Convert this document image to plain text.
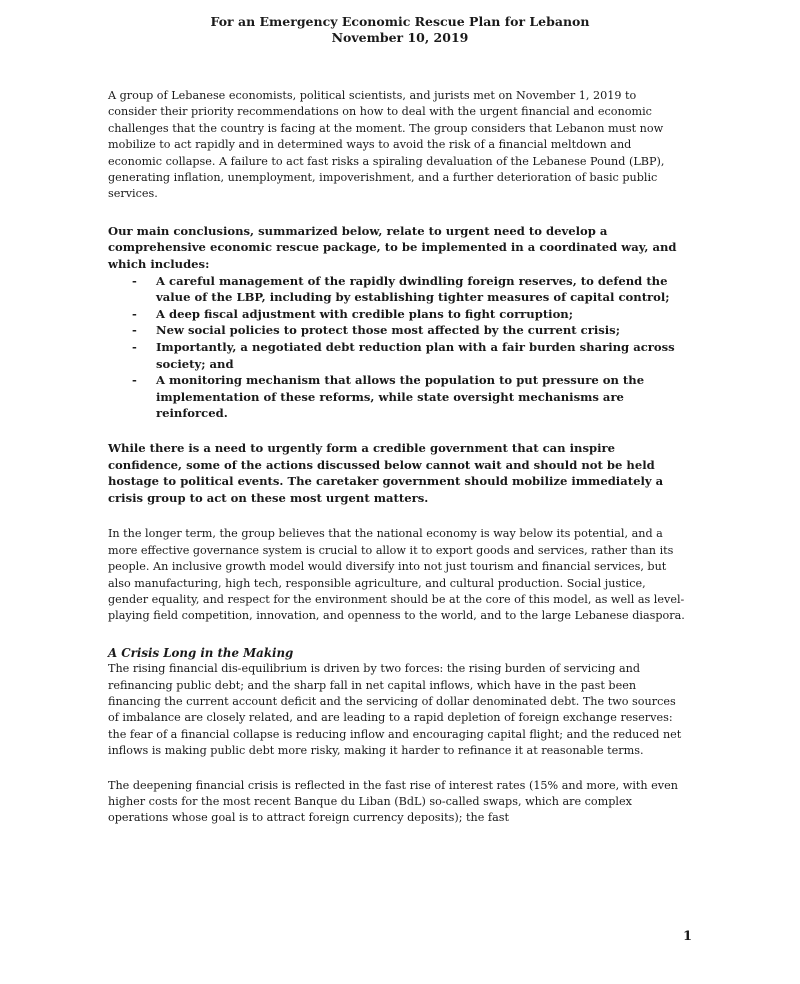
For an Emergency Economic Rescue Plan for Lebanon
November 10, 2019

A group of Lebanese economists, political scientists, and jurists met on November 1, 2019 to consider their priority recommendations on how to deal with the urgent financial and economic challenges that the country is facing at the moment. The group considers that Lebanon must now mobilize to act rapidly and in determined ways to avoid the risk of a financial meltdown and economic collapse. A failure to act fast risks a spiraling devaluation of the Lebanese Pound (LBP), generating inflation, unemployment, impoverishment, and a further deterioration of basic public services.

Our main conclusions, summarized below, relate to urgent need to develop a comprehensive economic rescue package, to be implemented in a coordinated way, and which includes:

- A careful management of the rapidly dwindling foreign reserves, to defend the value of the LBP, including by establishing tighter measures of capital control;
- A deep fiscal adjustment with credible plans to fight corruption;
- New social policies to protect those most affected by the current crisis;
- Importantly, a negotiated debt reduction plan with a fair burden sharing across society; and
- A monitoring mechanism that allows the population to put pressure on the implementation of these reforms, while state oversight mechanisms are reinforced.

While there is a need to urgently form a credible government that can inspire confidence, some of the actions discussed below cannot wait and should not be held hostage to political events. The caretaker government should mobilize immediately a crisis group to act on these most urgent matters.

In the longer term, the group believes that the national economy is way below its potential, and a more effective governance system is crucial to allow it to export goods and services, rather than its people. An inclusive growth model would diversify into not just tourism and financial services, but also manufacturing, high tech, responsible agriculture, and cultural production. Social justice, gender equality, and respect for the environment should be at the core of this model, as well as level-playing field competition, innovation, and openness to the world, and to the large Lebanese diaspora.

A Crisis Long in the Making

The rising financial dis-equilibrium is driven by two forces: the rising burden of servicing and refinancing public debt; and the sharp fall in net capital inflows, which have in the past been financing the current account deficit and the servicing of dollar denominated debt. The two sources of imbalance are closely related, and are leading to a rapid depletion of foreign exchange reserves: the fear of a financial collapse is reducing inflow and encouraging capital flight; and the reduced net inflows is making public debt more risky, making it harder to refinance it at reasonable terms.

The deepening financial crisis is reflected in the fast rise of interest rates (15% and more, with even higher costs for the most recent Banque du Liban (BdL) so-called swaps, which are complex operations whose goal is to attract foreign currency deposits); the fast

1
